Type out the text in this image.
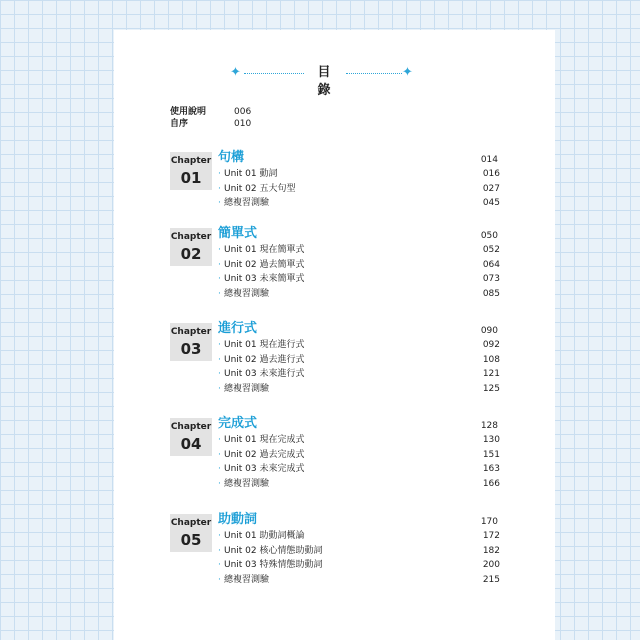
✦	目 錄
✦
使用說明	006
自序	010
Chapter
01
句構	014
· Unit 01 動詞	016
· Unit 02 五大句型	027
· 總複習測驗	045
Chapter
02
簡單式	050
· Unit 01 現在簡單式	052
· Unit 02 過去簡單式	064
· Unit 03 未來簡單式	073
· 總複習測驗	085
Chapter
03
進行式	090
· Unit 01 現在進行式	092
· Unit 02 過去進行式	108
· Unit 03 未來進行式	121
· 總複習測驗	125
Chapter
04
完成式	128
· Unit 01 現在完成式	130
· Unit 02 過去完成式	151
· Unit 03 未來完成式	163
· 總複習測驗	166
Chapter
05
助動詞	170
· Unit 01 助動詞概論	172
· Unit 02 核心情態助動詞	182
· Unit 03 特殊情態助動詞	200
· 總複習測驗	215
